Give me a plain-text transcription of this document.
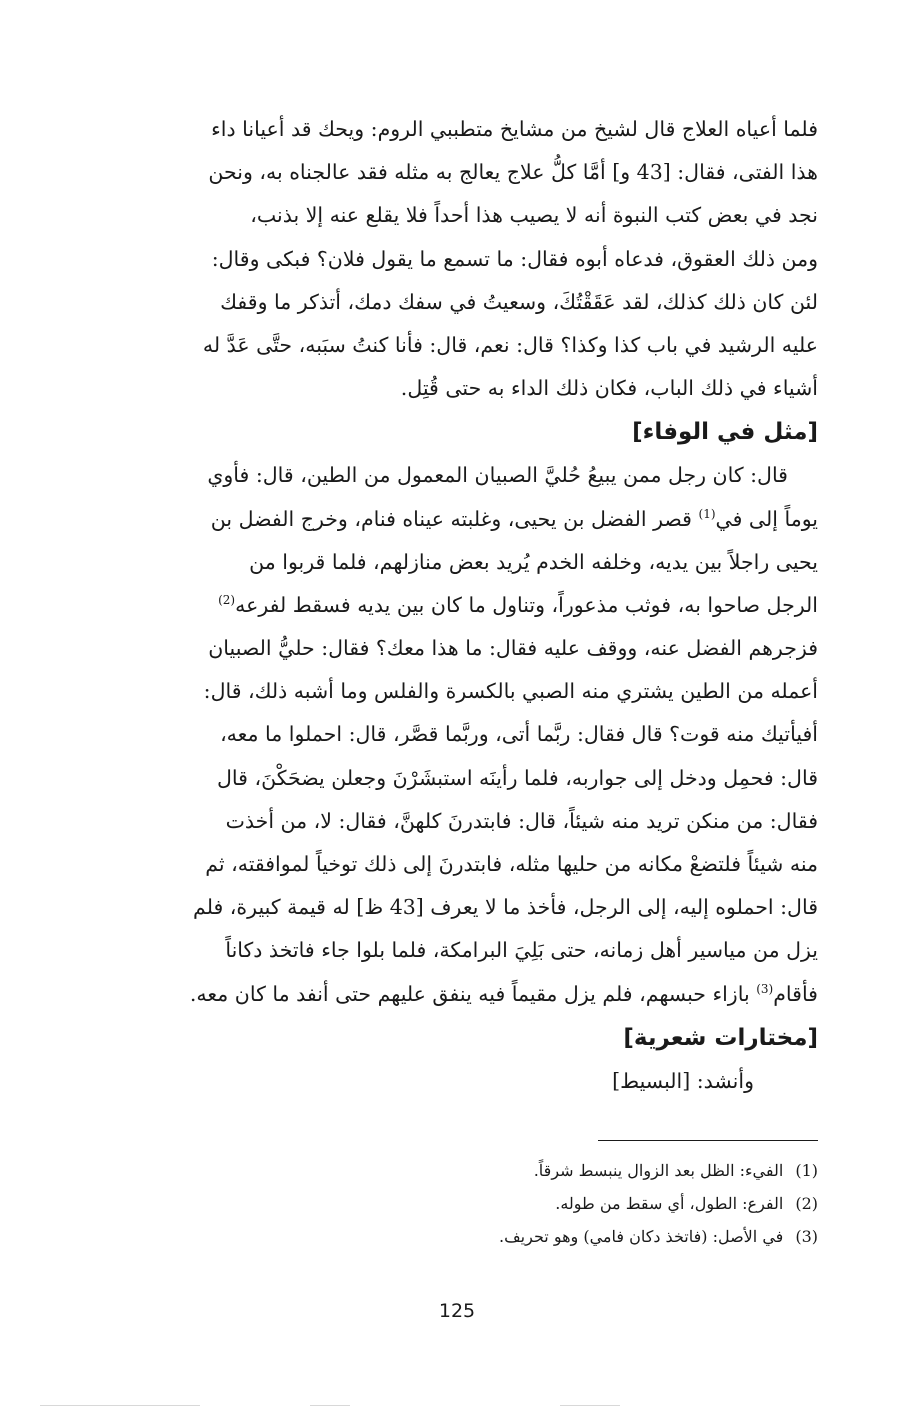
فلما أعياه العلاج قال لشيخ من مشايخ متطببي الروم: ويحك قد أعيانا داء
هذا الفتى، فقال: [43 و] أمَّا كلُّ علاج يعالج به مثله فقد عالجناه به، ونحن
نجد في بعض كتب النبوة أنه لا يصيب هذا أحداً فلا يقلع عنه إلا بذنب،
ومن ذلك العقوق، فدعاه أبوه فقال: ما تسمع ما يقول فلان؟ فبكى وقال:
لئن كان ذلك كذلك، لقد عَقَقْتُكَ، وسعيتُ في سفك دمك، أتذكر ما وقفك
عليه الرشيد في باب كذا وكذا؟ قال: نعم، قال: فأنا كنتُ سبَبه، حتَّى عَدَّ له
أشياء في ذلك الباب، فكان ذلك الداء به حتى قُتِل.
[مثل في الوفاء]
قال: كان رجل ممن يبيعُ حُليَّ الصبيان المعمول من الطين، قال: فأوي
يوماً إلى في$^{(1)}$ قصر الفضل بن يحيى، وغلبته عيناه فنام، وخرج الفضل بن
يحيى راجلاً بين يديه، وخلفه الخدم يُريد بعض منازلهم، فلما قربوا من
الرجل صاحوا به، فوثب مذعوراً، وتناول ما كان بين يديه فسقط لفرعه$^{(2)}$
فزجرهم الفضل عنه، ووقف عليه فقال: ما هذا معك؟ فقال: حليُّ الصبيان
أعمله من الطين يشتري منه الصبي بالكسرة والفلس وما أشبه ذلك، قال:
أفيأتيك منه قوت؟ قال فقال: ربَّما أتى، وربَّما قصَّر، قال: احملوا ما معه،
قال: فحمِل ودخل إلى جواربه، فلما رأينَه استبشَرْنَ وجعلن يضحَكْنَ، قال
فقال: من منكن تريد منه شيئاً، قال: فابتدرنَ كلهنَّ، فقال: لا، من أخذت
منه شيئاً فلتضعْ مكانه من حليها مثله، فابتدرنَ إلى ذلك توخياً لموافقته، ثم
قال: احملوه إليه، إلى الرجل، فأخذ ما لا يعرف [43 ظ] له قيمة كبيرة، فلم
يزل من مياسير أهل زمانه، حتى بَلِيَ البرامكة، فلما بلوا جاء فاتخذ دكاناً
فأقام$^{(3)}$ بازاء حبسهم، فلم يزل مقيماً فيه ينفق عليهم حتى أنفد ما كان معه.
[مختارات شعرية]

وأنشد: [البسيط]

(1)الفيء: الظل بعد الزوال ينبسط شرقاً.
(2)الفرع: الطول، أي سقط من طوله.
(3)في الأصل: (فاتخذ دكان فامي) وهو تحريف.
125
